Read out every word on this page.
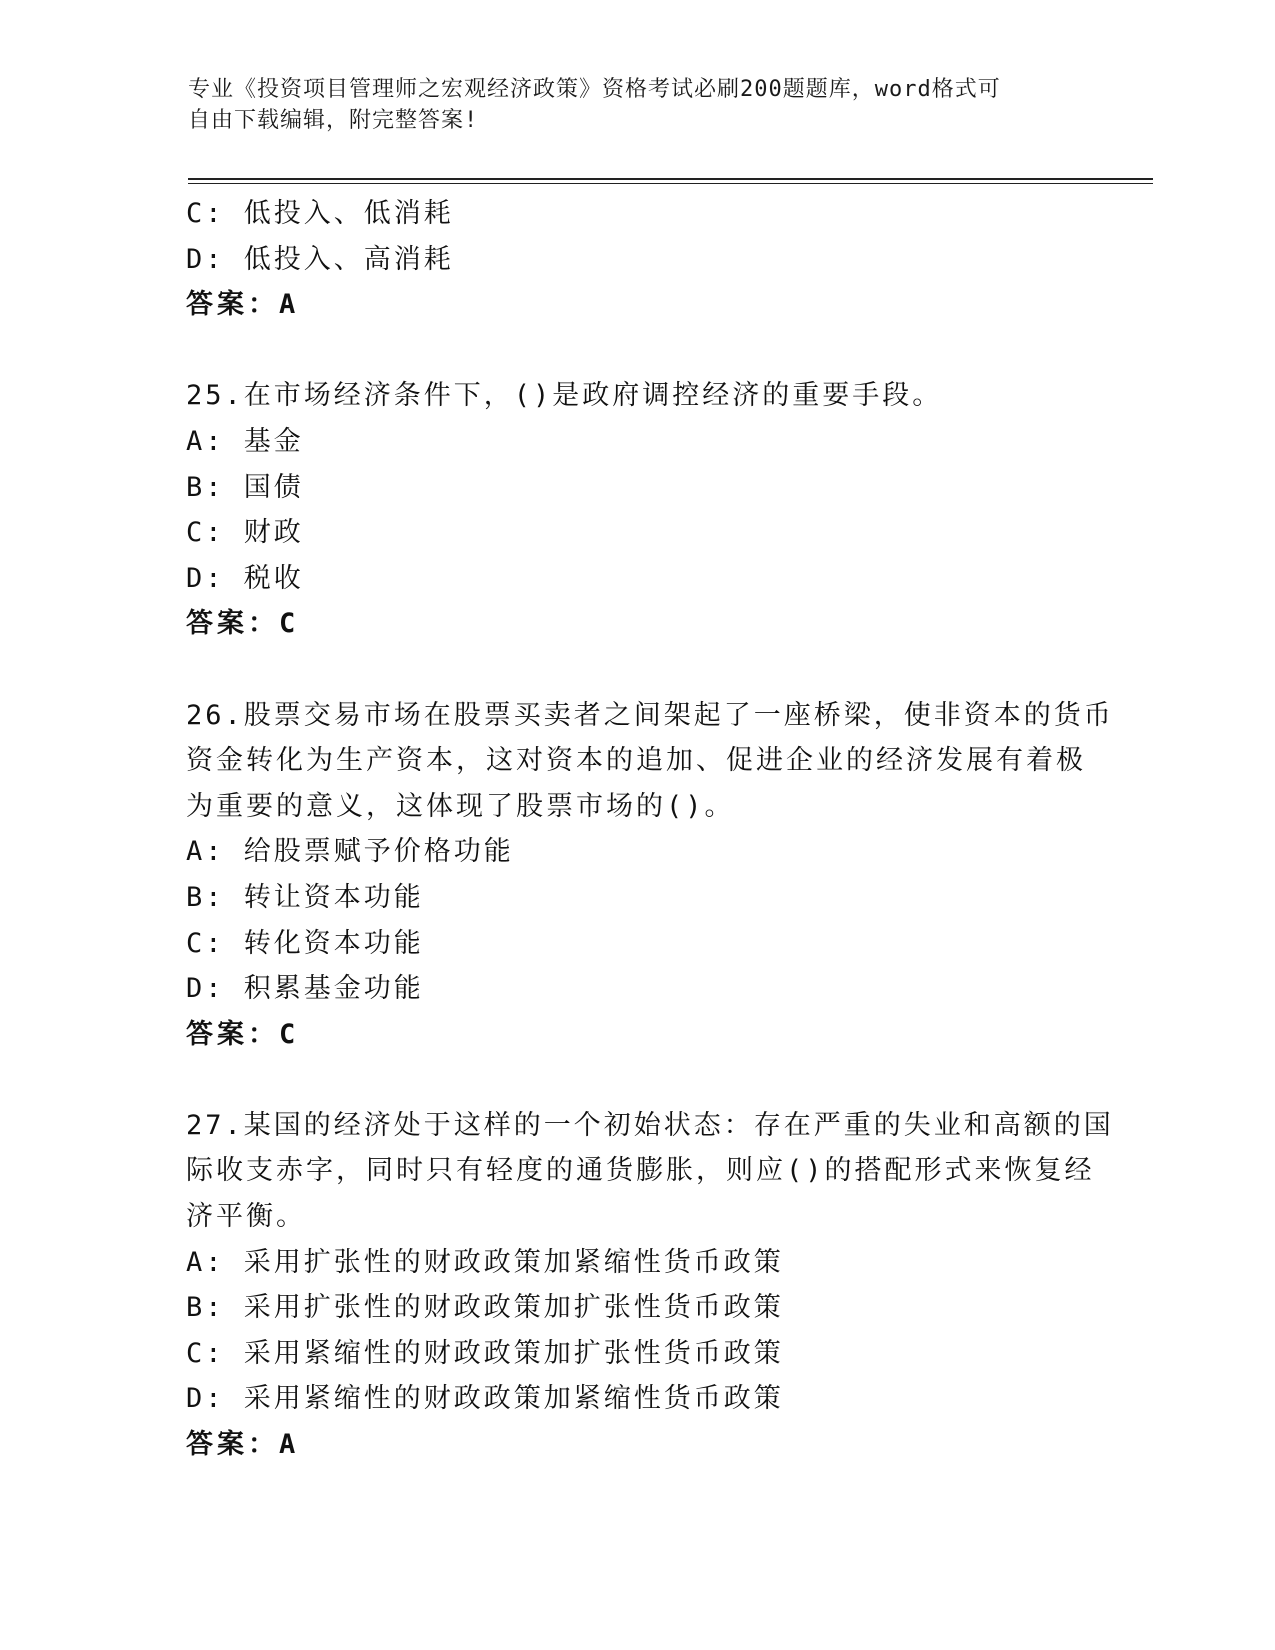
专业《投资项目管理师之宏观经济政策》资格考试必刷200题题库，word格式可
自由下载编辑，附完整答案!
C: 低投入、低消耗
D: 低投入、高消耗
答案：A
25.在市场经济条件下，()是政府调控经济的重要手段。
A: 基金
B: 国债
C: 财政
D: 税收
答案：C
26.股票交易市场在股票买卖者之间架起了一座桥梁，使非资本的货币
资金转化为生产资本，这对资本的追加、促进企业的经济发展有着极
为重要的意义，这体现了股票市场的()。
A: 给股票赋予价格功能
B: 转让资本功能
C: 转化资本功能
D: 积累基金功能
答案：C
27.某国的经济处于这样的一个初始状态：存在严重的失业和高额的国
际收支赤字，同时只有轻度的通货膨胀，则应()的搭配形式来恢复经
济平衡。
A: 采用扩张性的财政政策加紧缩性货币政策
B: 采用扩张性的财政政策加扩张性货币政策
C: 采用紧缩性的财政政策加扩张性货币政策
D: 采用紧缩性的财政政策加紧缩性货币政策
答案：A
